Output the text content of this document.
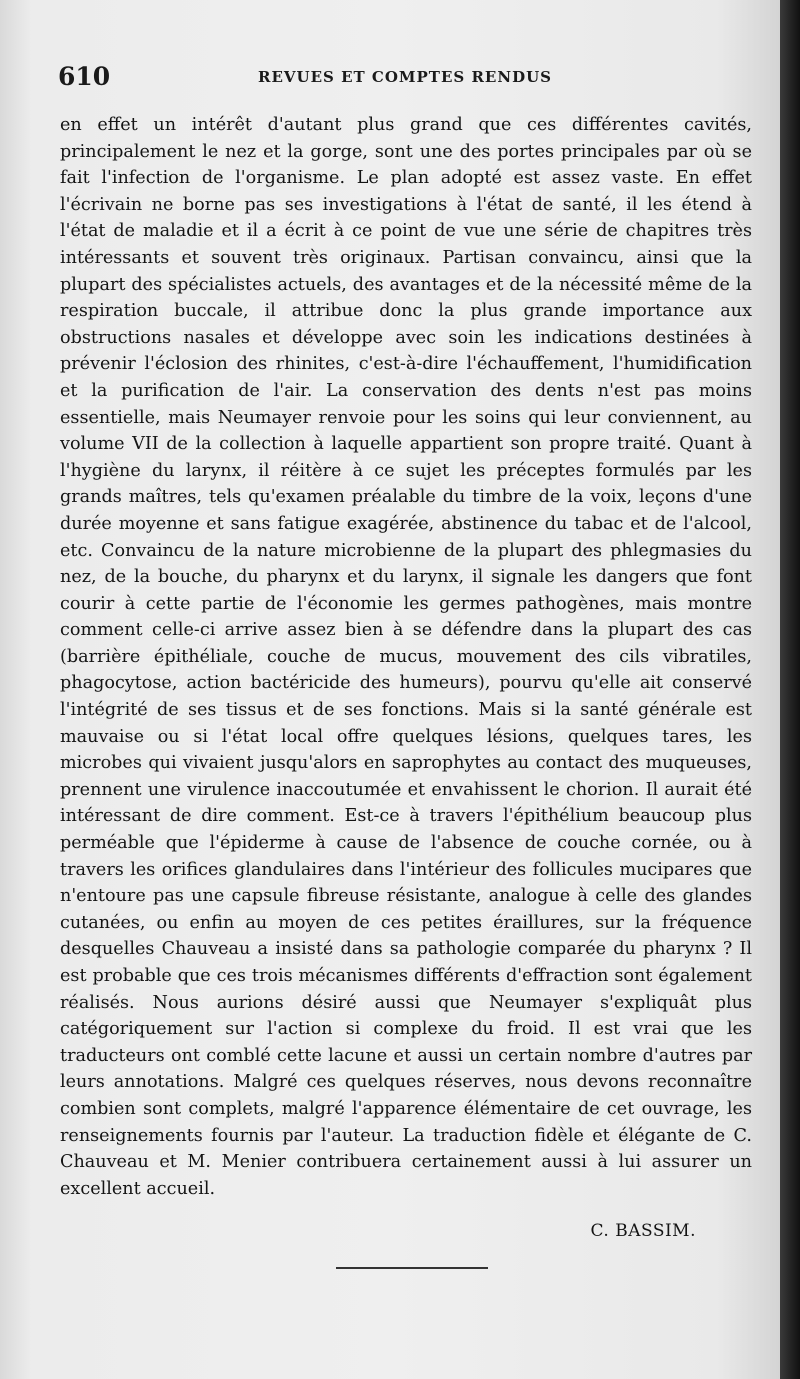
610	REVUES ET COMPTES RENDUS

en effet un intérêt d'autant plus grand que ces différentes cavités, principalement le nez et la gorge, sont une des portes principales par où se fait l'infection de l'organisme. Le plan adopté est assez vaste. En effet l'écrivain ne borne pas ses investigations à l'état de santé, il les étend à l'état de maladie et il a écrit à ce point de vue une série de chapitres très intéressants et souvent très originaux. Partisan convaincu, ainsi que la plupart des spécialistes actuels, des avantages et de la nécessité même de la respiration buccale, il attribue donc la plus grande importance aux obstructions nasales et développe avec soin les indications destinées à prévenir l'éclosion des rhinites, c'est-à-dire l'échauffement, l'humidification et la purification de l'air. La conservation des dents n'est pas moins essentielle, mais Neumayer renvoie pour les soins qui leur conviennent, au volume VII de la collection à laquelle appartient son propre traité. Quant à l'hygiène du larynx, il réitère à ce sujet les préceptes formulés par les grands maîtres, tels qu'examen préalable du timbre de la voix, leçons d'une durée moyenne et sans fatigue exagérée, abstinence du tabac et de l'alcool, etc. Convaincu de la nature microbienne de la plupart des phlegmasies du nez, de la bouche, du pharynx et du larynx, il signale les dangers que font courir à cette partie de l'économie les germes pathogènes, mais montre comment celle-ci arrive assez bien à se défendre dans la plupart des cas (barrière épithéliale, couche de mucus, mouvement des cils vibratiles, phagocytose, action bactéricide des humeurs), pourvu qu'elle ait conservé l'intégrité de ses tissus et de ses fonctions. Mais si la santé générale est mauvaise ou si l'état local offre quelques lésions, quelques tares, les microbes qui vivaient jusqu'alors en saprophytes au contact des muqueuses, prennent une virulence inaccoutumée et envahissent le chorion. Il aurait été intéressant de dire comment. Est-ce à travers l'épithélium beaucoup plus perméable que l'épiderme à cause de l'absence de couche cornée, ou à travers les orifices glandulaires dans l'intérieur des follicules mucipares que n'entoure pas une capsule fibreuse résistante, analogue à celle des glandes cutanées, ou enfin au moyen de ces petites éraillures, sur la fréquence desquelles Chauveau a insisté dans sa pathologie comparée du pharynx ? Il est probable que ces trois mécanismes différents d'effraction sont également réalisés. Nous aurions désiré aussi que Neumayer s'expliquât plus catégoriquement sur l'action si complexe du froid. Il est vrai que les traducteurs ont comblé cette lacune et aussi un certain nombre d'autres par leurs annotations. Malgré ces quelques réserves, nous devons reconnaître combien sont complets, malgré l'apparence élémentaire de cet ouvrage, les renseignements fournis par l'auteur. La traduction fidèle et élégante de C. Chauveau et M. Menier contribuera certainement aussi à lui assurer un excellent accueil.

C. BASSIM.
